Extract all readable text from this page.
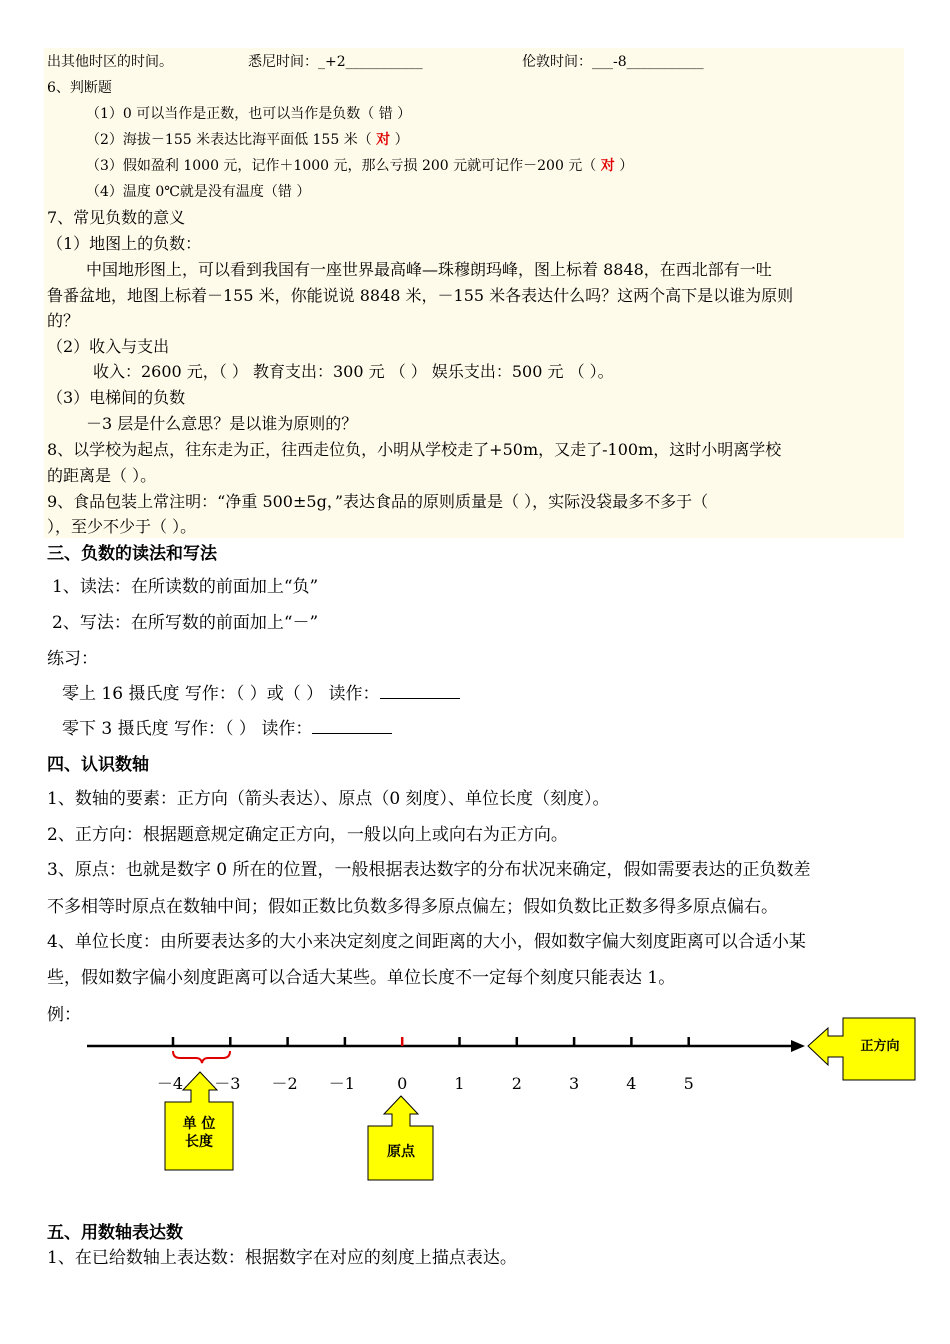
出其他时区的时间。	悉尼时间：_+2___________	伦敦时间：___-8___________
6、判断题
（1）0 可以当作是正数，也可以当作是负数（ 错 ）
（2）海拔－155 米表达比海平面低 155 米（ 对 ）
（3）假如盈利 1000 元，记作＋1000 元，那么亏损 200 元就可记作－200 元（ 对 ）
（4）温度 0℃就是没有温度（错 ）
7、常见负数的意义
（1）地图上的负数：
中国地形图上，可以看到我国有一座世界最高峰—珠穆朗玛峰，图上标着 8848，在西北部有一吐
鲁番盆地，地图上标着－155 米，你能说说 8848 米，－155 米各表达什么吗？这两个高下是以谁为原则
的？
（2）收入与支出
收入：2600 元，（ ） 教育支出：300 元 （ ） 娱乐支出：500 元 （ ）。
（3）电梯间的负数
－3 层是什么意思？是以谁为原则的？
8、以学校为起点，往东走为正，往西走位负，小明从学校走了+50m，又走了-100m，这时小明离学校
的距离是（ ）。
9、食品包装上常注明：“净重 500±5g，”表达食品的原则质量是（ ），实际没袋最多不多于（
），至少不少于（ ）。
三、负数的读法和写法
1、读法：在所读数的前面加上“负”
2、写法：在所写数的前面加上“－”
练习：
零上 16 摄氏度 写作：（ ）或（ ） 读作：
零下 3 摄氏度 写作：（ ） 读作：
四、认识数轴
1、数轴的要素：正方向（箭头表达）、原点（0 刻度）、单位长度（刻度）。
2、正方向：根据题意规定确定正方向，一般以向上或向右为正方向。
3、原点：也就是数字 0 所在的位置，一般根据表达数字的分布状况来确定，假如需要表达的正负数差
不多相等时原点在数轴中间；假如正数比负数多得多原点偏左；假如负数比正数多得多原点偏右。
4、单位长度：由所要表达多的大小来决定刻度之间距离的大小，假如数字偏大刻度距离可以合适小某
些，假如数字偏小刻度距离可以合适大某些。单位长度不一定每个刻度只能表达 1。
例：
－4 －3 －2 －1	0	1	2	3	4	5
正方向
单 位
长度
原点
五、用数轴表达数
1、在已给数轴上表达数：根据数字在对应的刻度上描点表达。
